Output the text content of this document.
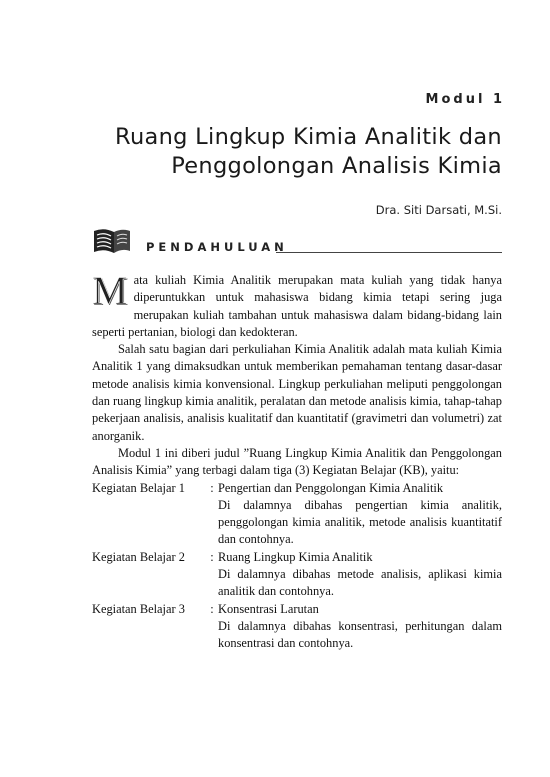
Modul 1
Ruang Lingkup Kimia Analitik dan
Penggolongan Analisis Kimia
Dra. Siti Darsati, M.Si.
PENDAHULUAN

Mata kuliah Kimia Analitik merupakan mata kuliah yang tidak hanya diperuntukkan untuk mahasiswa bidang kimia tetapi sering juga merupakan kuliah tambahan untuk mahasiswa dalam bidang-bidang lain seperti pertanian, biologi dan kedokteran.

Salah satu bagian dari perkuliahan Kimia Analitik adalah mata kuliah Kimia Analitik 1 yang dimaksudkan untuk memberikan pemahaman tentang dasar-dasar metode analisis kimia konvensional. Lingkup perkuliahan meliputi penggolongan dan ruang lingkup kimia analitik, peralatan dan metode analisis kimia, tahap-tahap pekerjaan analisis, analisis kualitatif dan kuantitatif (gravimetri dan volumetri) zat anorganik.

Modul 1 ini diberi judul ”Ruang Lingkup Kimia Analitik dan Penggolongan Analisis Kimia” yang terbagi dalam tiga (3) Kegiatan Belajar (KB), yaitu:

Kegiatan Belajar 1	: Pengertian dan Penggolongan Kimia Analitik
Di dalamnya dibahas pengertian kimia analitik, penggolongan kimia analitik, metode analisis kuantitatif dan contohnya.
Kegiatan Belajar 2	: Ruang Lingkup Kimia Analitik
Di dalamnya dibahas metode analisis, aplikasi kimia analitik dan contohnya.
Kegiatan Belajar 3	: Konsentrasi Larutan
Di dalamnya dibahas konsentrasi, perhitungan dalam konsentrasi dan contohnya.
